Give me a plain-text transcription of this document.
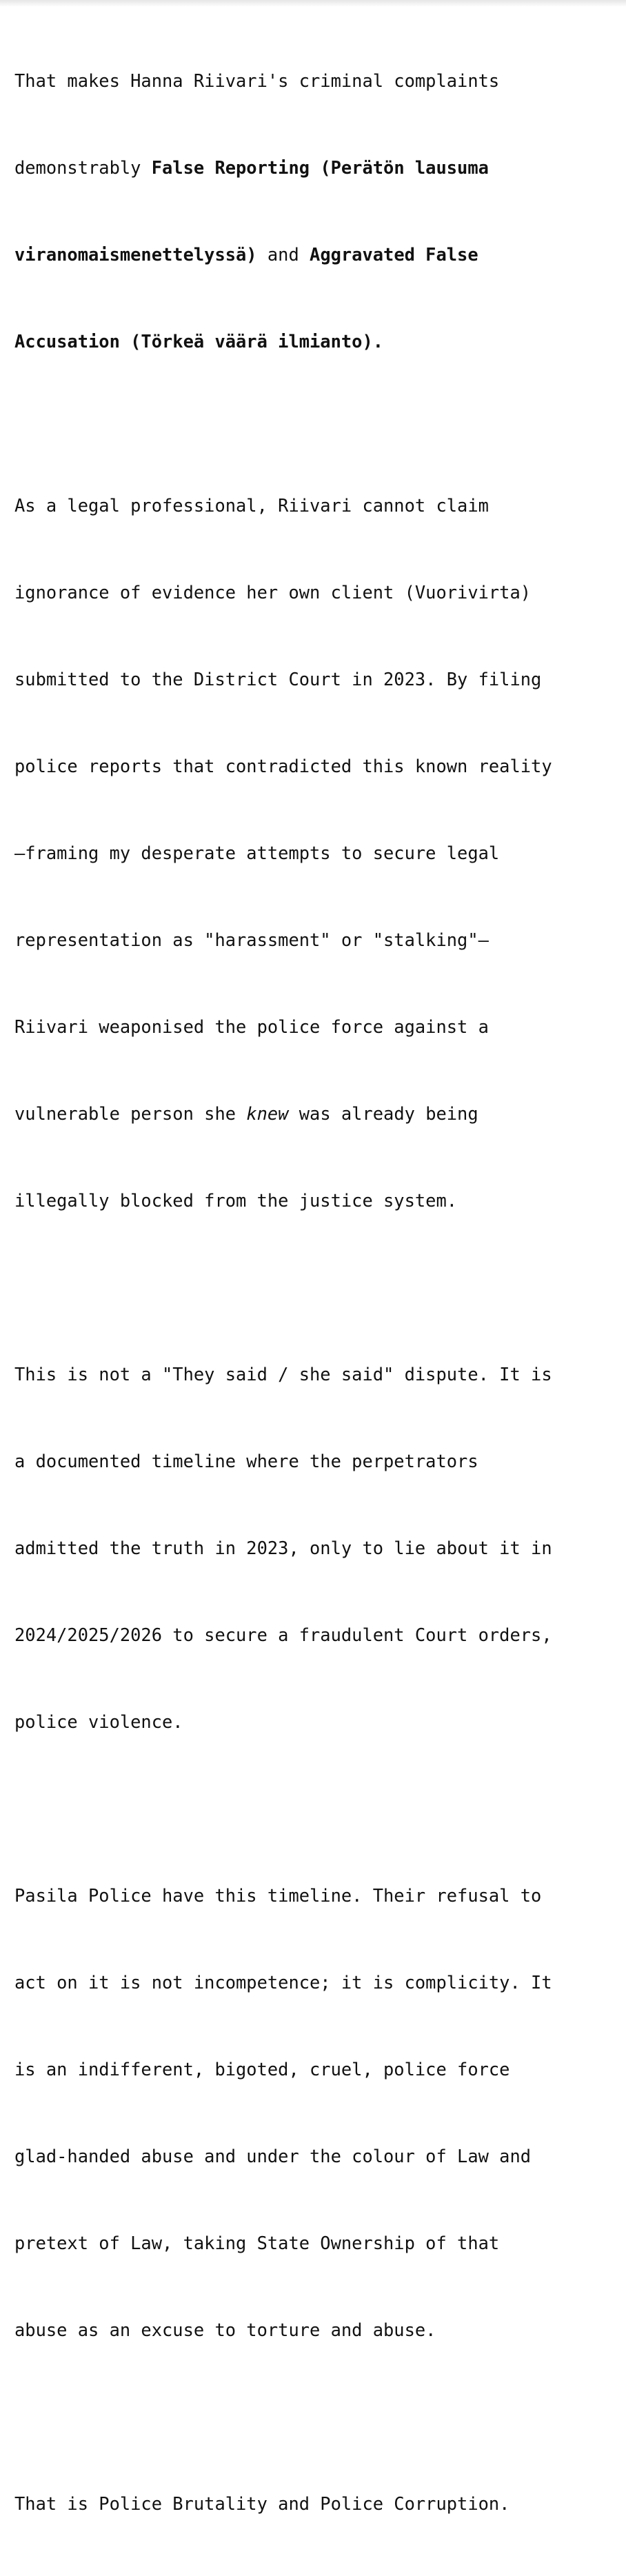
That makes Hanna Riivari's criminal complaints

demonstrably False Reporting (Perätön lausuma

viranomaismenettelyssä) and Aggravated False

Accusation (Törkeä väärä ilmianto).

As a legal professional, Riivari cannot claim

ignorance of evidence her own client (Vuorivirta)

submitted to the District Court in 2023. By filing

police reports that contradicted this known reality

—framing my desperate attempts to secure legal

representation as "harassment" or "stalking"—

Riivari weaponised the police force against a

vulnerable person she knew was already being

illegally blocked from the justice system.

This is not a "They said / she said" dispute. It is

a documented timeline where the perpetrators

admitted the truth in 2023, only to lie about it in

2024/2025/2026 to secure a fraudulent Court orders,

police violence.

Pasila Police have this timeline. Their refusal to

act on it is not incompetence; it is complicity. It

is an indifferent, bigoted, cruel, police force

glad-handed abuse and under the colour of Law and

pretext of Law, taking State Ownership of that

abuse as an excuse to torture and abuse.

That is Police Brutality and Police Corruption.
